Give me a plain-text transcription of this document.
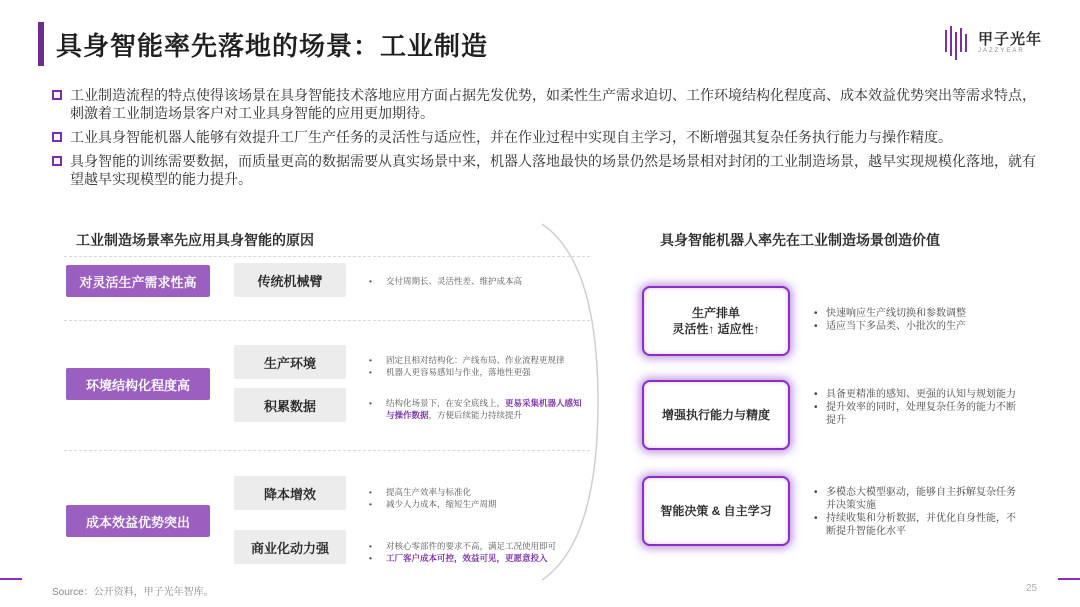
具身智能率先落地的场景：工业制造	甲子光年
JAZZYEAR
工业制造流程的特点使得该场景在具身智能技术落地应用方面占据先发优势，如柔性生产需求迫切、工作环境结构化程度高、成本效益优势突出等需求特点，刺激着工业制造场景客户对工业具身智能的应用更加期待。
工业具身智能机器人能够有效提升工厂生产任务的灵活性与适应性，并在作业过程中实现自主学习，不断增强其复杂任务执行能力与操作精度。
具身智能的训练需要数据，而质量更高的数据需要从真实场景中来，机器人落地最快的场景仍然是场景相对封闭的工业制造场景，越早实现规模化落地，就有望越早实现模型的能力提升。
工业制造场景率先应用具身智能的原因	具身智能机器人率先在工业制造场景创造价值
对灵活生产需求性高
环境结构化程度高
成本效益优势突出
传统机械臂
生产环境
积累数据
降本增效
商业化动力强
• 交付周期长、灵活性差、维护成本高
• 固定且相对结构化：产线布局、作业流程更规律
• 机器人更容易感知与作业，落地性更强
• 结构化场景下，在安全底线上，更易采集机器人感知与操作数据，方便后续能力持续提升
• 提高生产效率与标准化
• 减少人力成本，缩短生产周期
• 对核心零部件的要求不高，满足工况使用即可
• 工厂客户成本可控，效益可见，更愿意投入
生产排单
灵活性↑ 适应性↑
增强执行能力与精度
智能决策 & 自主学习
• 快速响应生产线切换和参数调整
• 适应当下多品类、小批次的生产
• 具备更精准的感知、更强的认知与规划能力
• 提升效率的同时，处理复杂任务的能力不断提升
• 多模态大模型驱动，能够自主拆解复杂任务并决策实施
• 持续收集和分析数据，并优化自身性能，不断提升智能化水平
Source：公开资料，甲子光年智库。	25
